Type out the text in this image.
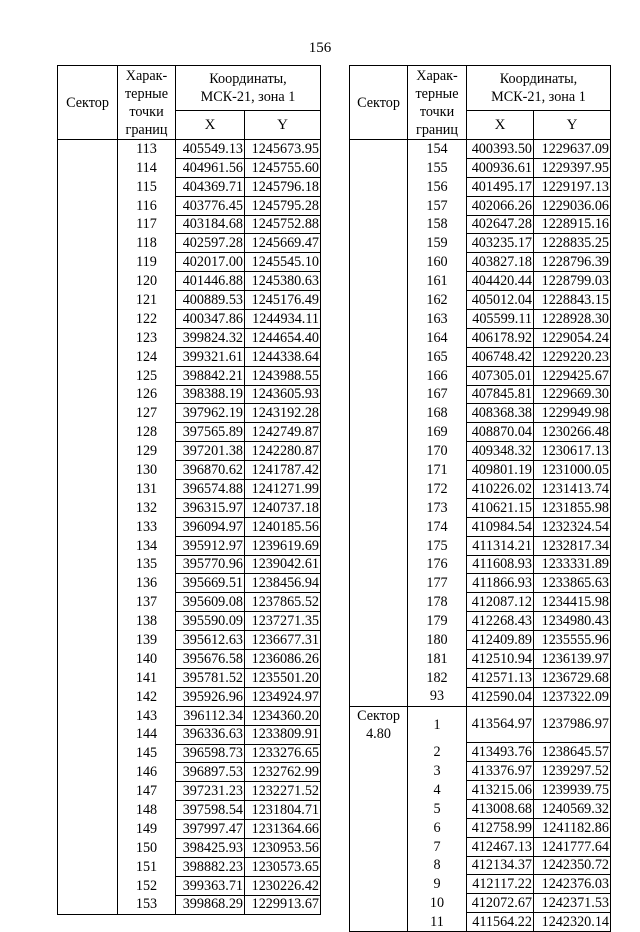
156
Сектор	Харак-
терные
точки
границ	Координаты,
МСК-21, зона 1	
		X	Y
	113	405549.13	1245673.95
	114	404961.56	1245755.60
	115	404369.71	1245796.18
	116	403776.45	1245795.28
	117	403184.68	1245752.88
	118	402597.28	1245669.47
	119	402017.00	1245545.10
	120	401446.88	1245380.63
	121	400889.53	1245176.49
	122	400347.86	1244934.11
	123	399824.32	1244654.40
	124	399321.61	1244338.64
	125	398842.21	1243988.55
	126	398388.19	1243605.93
	127	397962.19	1243192.28
	128	397565.89	1242749.87
	129	397201.38	1242280.87
	130	396870.62	1241787.42
	131	396574.88	1241271.99
	132	396315.97	1240737.18
	133	396094.97	1240185.56
	134	395912.97	1239619.69
	135	395770.96	1239042.61
	136	395669.51	1238456.94
	137	395609.08	1237865.52
	138	395590.09	1237271.35
	139	395612.63	1236677.31
	140	395676.58	1236086.26
	141	395781.52	1235501.20
	142	395926.96	1234924.97
	143	396112.34	1234360.20
	144	396336.63	1233809.91
	145	396598.73	1233276.65
	146	396897.53	1232762.99
	147	397231.23	1232271.52
	148	397598.54	1231804.71
	149	397997.47	1231364.66
	150	398425.93	1230953.56
	151	398882.23	1230573.65
	152	399363.71	1230226.42
	153	399868.29	1229913.67
Сектор	Харак-
терные
точки
границ	Координаты,
МСК-21, зона 1	
		X	Y
	154	400393.50	1229637.09
	155	400936.61	1229397.95
	156	401495.17	1229197.13
	157	402066.26	1229036.06
	158	402647.28	1228915.16
	159	403235.17	1228835.25
	160	403827.18	1228796.39
	161	404420.44	1228799.03
	162	405012.04	1228843.15
	163	405599.11	1228928.30
	164	406178.92	1229054.24
	165	406748.42	1229220.23
	166	407305.01	1229425.67
	167	407845.81	1229669.30
	168	408368.38	1229949.98
	169	408870.04	1230266.48
	170	409348.32	1230617.13
	171	409801.19	1231000.05
	172	410226.02	1231413.74
	173	410621.15	1231855.98
	174	410984.54	1232324.54
	175	411314.21	1232817.34
	176	411608.93	1233331.89
	177	411866.93	1233865.63
	178	412087.12	1234415.98
	179	412268.43	1234980.43
	180	412409.89	1235555.96
	181	412510.94	1236139.97
	182	412571.13	1236729.68
	93	412590.04	1237322.09
Сектор
4.80	1	413564.97	1237986.97
	2	413493.76	1238645.57
	3	413376.97	1239297.52
	4	413215.06	1239939.75
	5	413008.68	1240569.32
	6	412758.99	1241182.86
	7	412467.13	1241777.64
	8	412134.37	1242350.72
	9	412117.22	1242376.03
	10	412072.67	1242371.53
	11	411564.22	1242320.14
